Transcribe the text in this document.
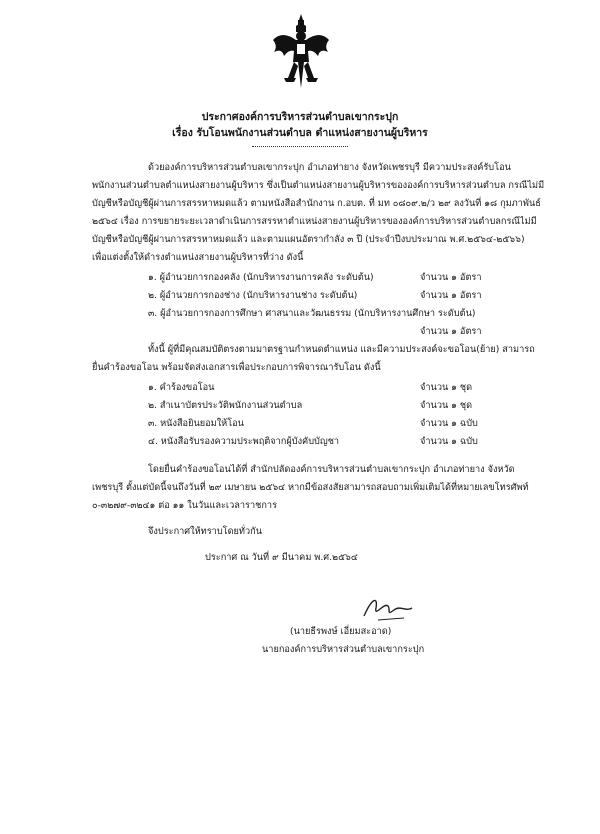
ประกาศองค์การบริหารส่วนตำบลเขากระปุก
เรื่อง รับโอนพนักงานส่วนตำบล ตำแหน่งสายงานผู้บริหาร
ด้วยองค์การบริหารส่วนตำบลเขากระปุก อำเภอท่ายาง จังหวัดเพชรบุรี มีความประสงค์รับโอน
พนักงานส่วนตำบลตำแหน่งสายงานผู้บริหาร ซึ่งเป็นตำแหน่งสายงานผู้บริหารขององค์การบริหารส่วนตำบล กรณีไม่มี
บัญชีหรือบัญชีผู้ผ่านการสรรหาหมดแล้ว ตามหนังสือสำนักงาน ก.อบต. ที่ มท ๐๘๐๙.๒/ว ๒๙ ลงวันที่ ๑๘ กุมภาพันธ์
๒๕๖๔ เรื่อง การขยายระยะเวลาดำเนินการสรรหาตำแหน่งสายงานผู้บริหารขององค์การบริหารส่วนตำบลกรณีไม่มี
บัญชีหรือบัญชีผู้ผ่านการสรรหาหมดแล้ว และตามแผนอัตรากำลัง ๓ ปี (ประจำปีงบประมาณ พ.ศ.๒๕๖๔-๒๕๖๖)
เพื่อแต่งตั้งให้ดำรงตำแหน่งสายงานผู้บริหารที่ว่าง ดังนี้
๑. ผู้อำนวยการกองคลัง (นักบริหารงานการคลัง ระดับต้น)	จำนวน ๑ อัตรา
๒. ผู้อำนวยการกองช่าง (นักบริหารงานช่าง ระดับต้น)	จำนวน ๑ อัตรา
๓. ผู้อำนวยการกองการศึกษา ศาสนาและวัฒนธรรม (นักบริหารงานศึกษา ระดับต้น)
จำนวน ๑ อัตรา
ทั้งนี้ ผู้ที่มีคุณสมบัติตรงตามมาตรฐานกำหนดตำแหน่ง และมีความประสงค์จะขอโอน(ย้าย) สามารถ
ยื่นคำร้องขอโอน พร้อมจัดส่งเอกสารเพื่อประกอบการพิจารณารับโอน ดังนี้
๑. คำร้องขอโอน	จำนวน ๑ ชุด
๒. สำเนาบัตรประวัติพนักงานส่วนตำบล	จำนวน ๑ ชุด
๓. หนังสือยินยอมให้โอน	จำนวน ๑ ฉบับ
๔. หนังสือรับรองความประพฤติจากผู้บังคับบัญชา	จำนวน ๑ ฉบับ
โดยยื่นคำร้องขอโอนได้ที่ สำนักปลัดองค์การบริหารส่วนตำบลเขากระปุก อำเภอท่ายาง จังหวัด
เพชรบุรี ตั้งแต่บัดนี้จนถึงวันที่ ๒๙ เมษายน ๒๕๖๔ หากมีข้อสงสัยสามารถสอบถามเพิ่มเติมได้ที่หมายเลขโทรศัพท์
๐-๓๒๗๙-๓๒๔๑ ต่อ ๑๑ ในวันและเวลาราชการ
จึงประกาศให้ทราบโดยทั่วกัน
ประกาศ ณ วันที่ ๙ มีนาคม พ.ศ.๒๕๖๔
(นายธีรพงษ์ เอี่ยมสะอาด)
นายกองค์การบริหารส่วนตำบลเขากระปุก
